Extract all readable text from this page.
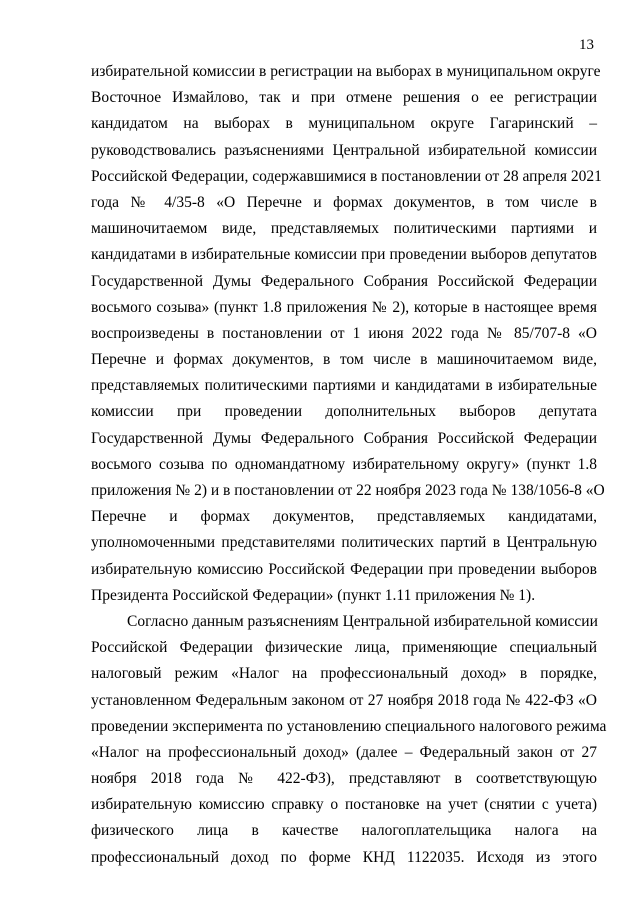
13
избирательной комиссии в регистрации на выборах в муниципальном округе
Восточное Измайлово, так и при отмене решения о ее регистрации
кандидатом на выборах в муниципальном округе Гагаринский –
руководствовались разъяснениями Центральной избирательной комиссии
Российской Федерации, содержавшимися в постановлении от 28 апреля 2021
года № 4/35-8 «О Перечне и формах документов, в том числе в
машиночитаемом виде, представляемых политическими партиями и
кандидатами в избирательные комиссии при проведении выборов депутатов
Государственной Думы Федерального Собрания Российской Федерации
восьмого созыва» (пункт 1.8 приложения № 2), которые в настоящее время
воспроизведены в постановлении от 1 июня 2022 года № 85/707-8 «О
Перечне и формах документов, в том числе в машиночитаемом виде,
представляемых политическими партиями и кандидатами в избирательные
комиссии при проведении дополнительных выборов депутата
Государственной Думы Федерального Собрания Российской Федерации
восьмого созыва по одномандатному избирательному округу» (пункт 1.8
приложения № 2) и в постановлении от 22 ноября 2023 года № 138/1056-8 «О
Перечне и формах документов, представляемых кандидатами,
уполномоченными представителями политических партий в Центральную
избирательную комиссию Российской Федерации при проведении выборов
Президента Российской Федерации» (пункт 1.11 приложения № 1).
Согласно данным разъяснениям Центральной избирательной комиссии
Российской Федерации физические лица, применяющие специальный
налоговый режим «Налог на профессиональный доход» в порядке,
установленном Федеральным законом от 27 ноября 2018 года № 422-ФЗ «О
проведении эксперимента по установлению специального налогового режима
«Налог на профессиональный доход» (далее – Федеральный закон от 27
ноября 2018 года № 422-ФЗ), представляют в соответствующую
избирательную комиссию справку о постановке на учет (снятии с учета)
физического лица в качестве налогоплательщика налога на
профессиональный доход по форме КНД 1122035. Исходя из этого
